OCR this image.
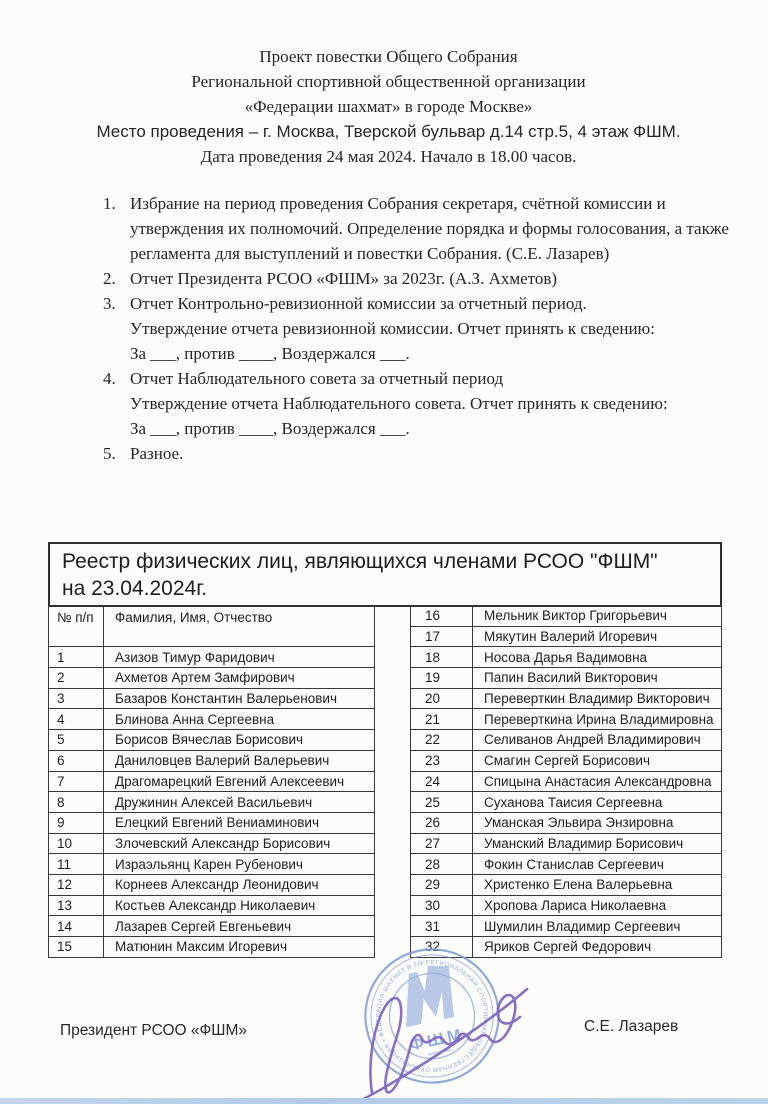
Проект повестки Общего Собрания
Региональной спортивной общественной организации
«Федерации шахмат» в городе Москве»
Место проведения – г. Москва, Тверской бульвар д.14 стр.5, 4 этаж ФШМ.
Дата проведения 24 мая 2024. Начало в 18.00 часов.
1. Избрание на период проведения Собрания секретаря, счётной комиссии и утверждения их полномочий. Определение порядка и формы голосования, а также регламента для выступлений и повестки Собрания. (С.Е. Лазарев)
2. Отчет Президента РСОО «ФШМ» за 2023г. (А.З. Ахметов)
3. Отчет Контрольно-ревизионной комиссии за отчетный период.
Утверждение отчета ревизионной комиссии. Отчет принять к сведению:
За ___, против ____, Воздержался ___.
4. Отчет Наблюдательного совета за отчетный период
Утверждение отчета Наблюдательного совета. Отчет принять к сведению:
За ___, против ____, Воздержался ___.
5. Разное.
Реестр физических лиц, являющихся членами РСОО "ФШМ"
на 23.04.2024г.
№ п/п	Фамилия, Имя, Отчество
1	Азизов Тимур Фаридович
2	Ахметов Артем Замфирович
3	Базаров Константин Валерьенович
4	Блинова Анна Сергеевна
5	Борисов Вячеслав Борисович
6	Даниловцев Валерий Валерьевич
7	Драгомарецкий Евгений Алексеевич
8	Дружинин Алексей Васильевич
9	Елецкий Евгений Вениаминович
10	Злочевский Александр Борисович
11	Израэльянц Карен Рубенович
12	Корнеев Александр Леонидович
13	Костьев Александр Николаевич
14	Лазарев Сергей Евгеньевич
15	Матюнин Максим Игоревич
16	Мельник Виктор Григорьевич
17	Мякутин Валерий Игоревич
18	Носова Дарья Вадимовна
19	Папин Василий Викторович
20	Переверткин Владимир Викторович
21	Переверткина Ирина Владимировна
22	Селиванов Андрей Владимирович
23	Смагин Сергей Борисович
24	Спицына Анастасия Александровна
25	Суханова Таисия Сергеевна
26	Уманская Эльвира Энзировна
27	Уманский Владимир Борисович
28	Фокин Станислав Сергеевич
29	Христенко Елена Валерьевна
30	Хропова Лариса Николаевна
31	Шумилин Владимир Сергеевич
32	Яриков Сергей Федорович
• РЕГИОНАЛЬНАЯ СПОРТИВНАЯ ОБЩЕСТВЕННАЯ ОРГАНИЗАЦИЯ • ФЕДЕРАЦИЯ ШАХМАТ В ГОРОДЕ МОСКВЕ
ФШМ
Президент РСОО «ФШМ»	С.Е. Лазарев
